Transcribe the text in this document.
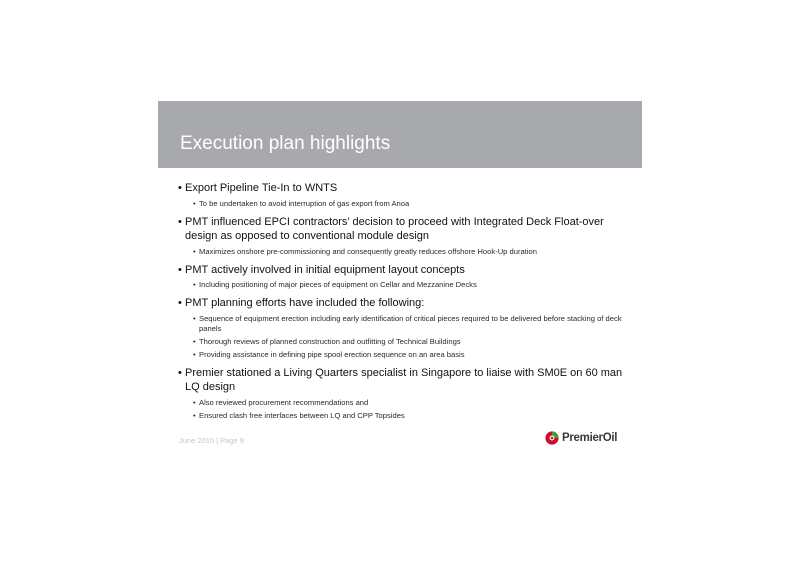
Execution plan highlights
• Export Pipeline Tie-In to WNTS
• To be undertaken to avoid interruption of gas export from Anoa
• PMT influenced EPCI contractors’ decision to proceed with Integrated Deck Float-over design as opposed to conventional module design
• Maximizes onshore pre-commissioning and consequently greatly reduces offshore Hook-Up duration
• PMT actively involved in initial equipment layout concepts
• Including positioning of major pieces of equipment on Cellar and Mezzanine Decks
• PMT planning efforts have included the following:
• Sequence of equipment erection including early identification of critical pieces required to be delivered before stacking of deck panels
• Thorough reviews of planned construction and outfitting of Technical Buildings
• Providing assistance in defining pipe spool erection sequence on an area basis
• Premier stationed a Living Quarters specialist in Singapore to liaise with SM0E on 60 man LQ design
• Also reviewed procurement recommendations and
• Ensured clash free interfaces between LQ and CPP Topsides
June 2010 | Page 9	PremierOil
